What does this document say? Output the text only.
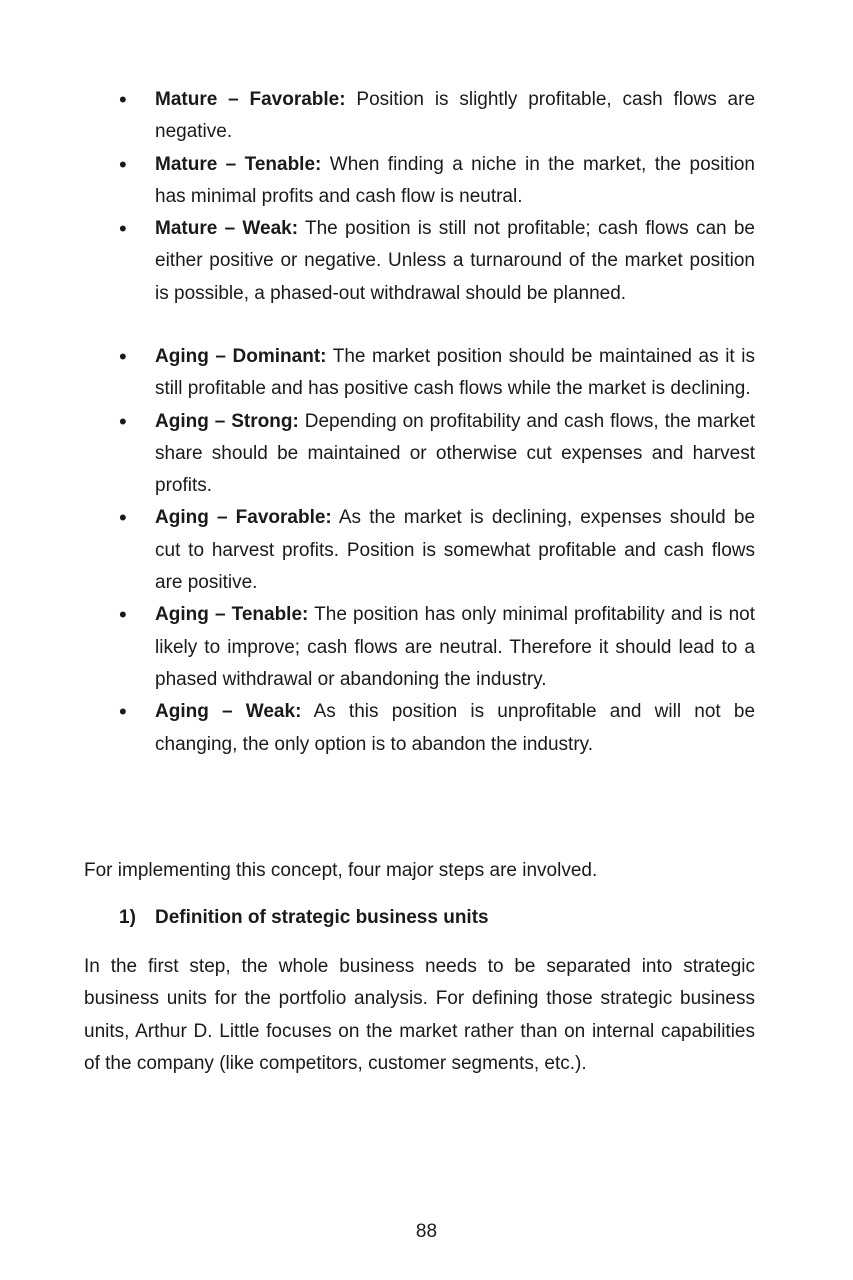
• Mature – Favorable: Position is slightly profitable, cash flows are negative.
• Mature – Tenable: When finding a niche in the market, the position has minimal profits and cash flow is neutral.
• Mature – Weak: The position is still not profitable; cash flows can be either positive or negative. Unless a turnaround of the market position is possible, a phased-out withdrawal should be planned.
• Aging – Dominant: The market position should be maintained as it is still profitable and has positive cash flows while the market is declining.
• Aging – Strong: Depending on profitability and cash flows, the market share should be maintained or otherwise cut expenses and harvest profits.
• Aging – Favorable: As the market is declining, expenses should be cut to harvest profits. Position is somewhat profitable and cash flows are positive.
• Aging – Tenable: The position has only minimal profitability and is not likely to improve; cash flows are neutral. Therefore it should lead to a phased withdrawal or abandoning the industry.
• Aging – Weak: As this position is unprofitable and will not be changing, the only option is to abandon the industry.

For implementing this concept, four major steps are involved.

1) Definition of strategic business units

In the first step, the whole business needs to be separated into strategic business units for the portfolio analysis. For defining those strategic business units, Arthur D. Little focuses on the market rather than on internal capabilities of the company (like competitors, customer segments, etc.).

88
